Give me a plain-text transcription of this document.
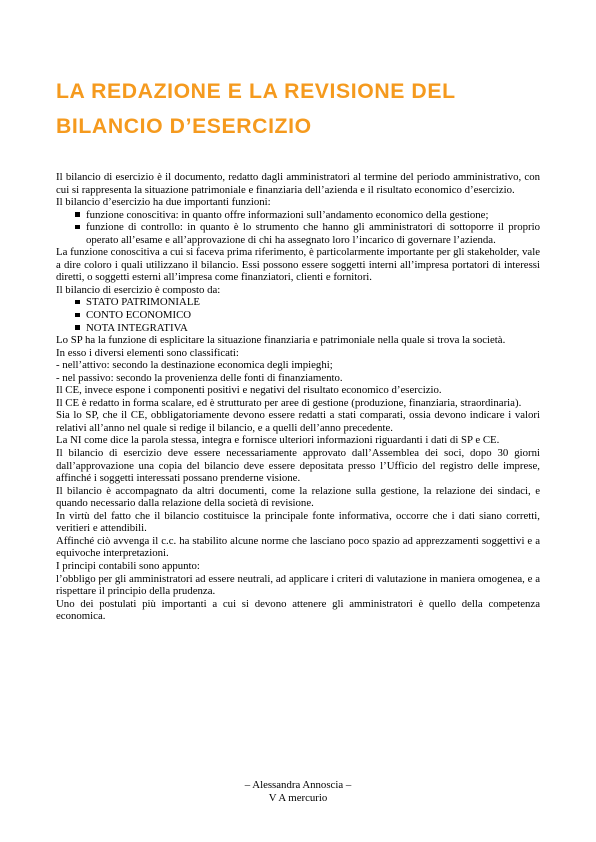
LA REDAZIONE E LA REVISIONE DEL
BILANCIO D’ESERCIZIO

Il bilancio di esercizio è il documento, redatto dagli amministratori al termine del periodo amministrativo, con cui si rappresenta la situazione patrimoniale e finanziaria dell’azienda e il risultato economico d’esercizio.

Il bilancio d’esercizio ha due importanti funzioni:

funzione conoscitiva: in quanto offre informazioni sull’andamento economico della gestione;
funzione di controllo: in quanto è lo strumento che hanno gli amministratori di sottoporre il proprio operato all’esame e all’approvazione di chi ha assegnato loro l’incarico di governare l’azienda.

La funzione conoscitiva a cui si faceva prima riferimento, è particolarmente importante per gli stakeholder, vale a dire coloro i quali utilizzano il bilancio. Essi possono essere soggetti interni all’impresa portatori di interessi diretti, o soggetti esterni all’impresa come finanziatori, clienti e fornitori.

Il bilancio di esercizio è composto da:

STATO PATRIMONIALE
CONTO ECONOMICO
NOTA INTEGRATIVA

Lo SP ha la funzione di esplicitare la situazione finanziaria e patrimoniale nella quale si trova la società.

In esso i diversi elementi sono classificati:

- nell’attivo: secondo la destinazione economica degli impieghi;

- nel passivo: secondo la provenienza delle fonti di finanziamento.

Il CE, invece espone i componenti positivi e negativi del risultato economico d’esercizio.

Il CE è redatto in forma scalare, ed è strutturato per aree di gestione (produzione, finanziaria, straordinaria).

Sia lo SP, che il CE, obbligatoriamente devono essere redatti a stati comparati, ossia devono indicare i valori relativi all’anno nel quale si redige il bilancio, e a quelli dell’anno precedente.

La NI come dice la parola stessa, integra e fornisce ulteriori informazioni riguardanti i dati di SP e CE.

Il bilancio di esercizio deve essere necessariamente approvato dall’Assemblea dei soci, dopo 30 giorni dall’approvazione una copia del bilancio deve essere depositata presso l’Ufficio del registro delle imprese, affinché i soggetti interessati possano prenderne visione.

Il bilancio è accompagnato da altri documenti, come la relazione sulla gestione, la relazione dei sindaci, e quando necessario dalla relazione della società di revisione.

In virtù del fatto che il bilancio costituisce la principale fonte informativa, occorre che i dati siano corretti, veritieri e attendibili.

Affinché ciò avvenga il c.c. ha stabilito alcune norme che lasciano poco spazio ad apprezzamenti soggettivi e a equivoche interpretazioni.

I principi contabili sono appunto:

l’obbligo per gli amministratori ad essere neutrali, ad applicare i criteri di valutazione in maniera omogenea, e a rispettare il principio della prudenza.

Uno dei postulati più importanti a cui si devono attenere gli amministratori è quello della competenza economica.

– Alessandra Annoscia –
V A mercurio
